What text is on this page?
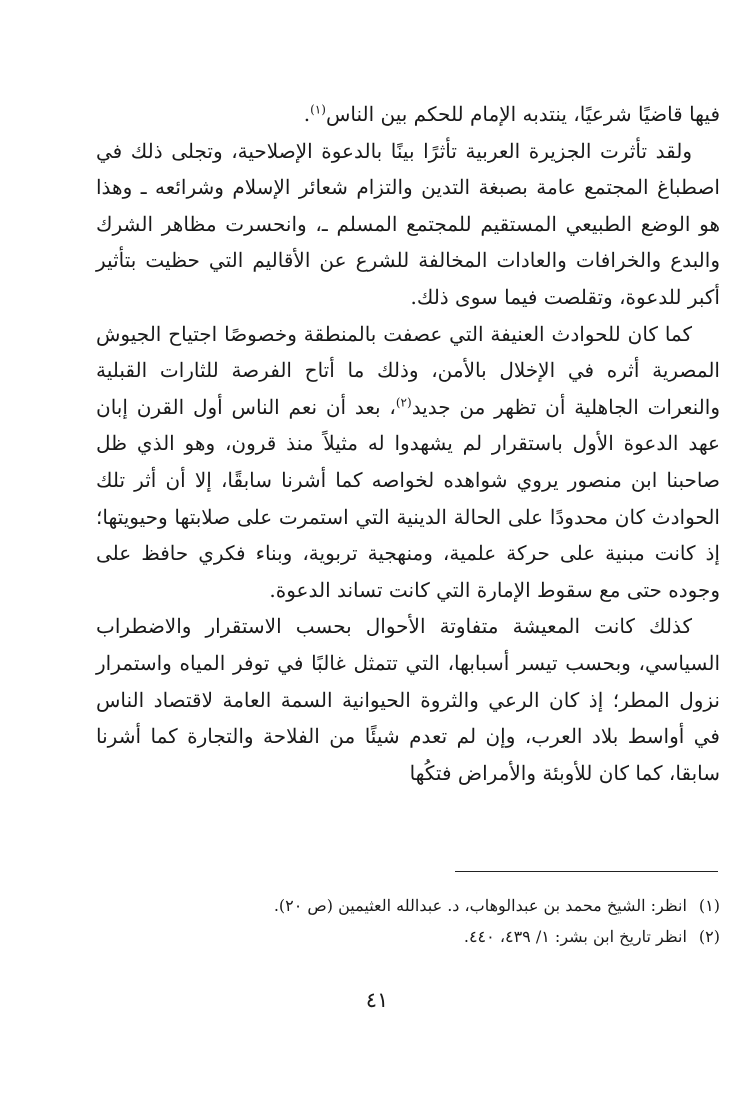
فيها قاضيًا شرعيًا، ينتدبه الإمام للحكم بين الناس$^{(١)}$.

ولقد تأثرت الجزيرة العربية تأثرًا بينًا بالدعوة الإصلاحية، وتجلى ذلك في اصطباغ المجتمع عامة بصبغة التدين والتزام شعائر الإسلام وشرائعه ـ وهذا هو الوضع الطبيعي المستقيم للمجتمع المسلم ـ، وانحسرت مظاهر الشرك والبدع والخرافات والعادات المخالفة للشرع عن الأقاليم التي حظيت بتأثير أكبر للدعوة، وتقلصت فيما سوى ذلك.

كما كان للحوادث العنيفة التي عصفت بالمنطقة وخصوصًا اجتياح الجيوش المصرية أثره في الإخلال بالأمن، وذلك ما أتاح الفرصة للثارات القبلية والنعرات الجاهلية أن تظهر من جديد$^{(٢)}$، بعد أن نعم الناس أول القرن إبان عهد الدعوة الأول باستقرار لم يشهدوا له مثيلاً منذ قرون، وهو الذي ظل صاحبنا ابن منصور يروي شواهده لخواصه كما أشرنا سابقًا، إلا أن أثر تلك الحوادث كان محدودًا على الحالة الدينية التي استمرت على صلابتها وحيويتها؛ إذ كانت مبنية على حركة علمية، ومنهجية تربوية، وبناء فكري حافظ على وجوده حتى مع سقوط الإمارة التي كانت تساند الدعوة.

كذلك كانت المعيشة متفاوتة الأحوال بحسب الاستقرار والاضطراب السياسي، وبحسب تيسر أسبابها، التي تتمثل غالبًا في توفر المياه واستمرار نزول المطر؛ إذ كان الرعي والثروة الحيوانية السمة العامة لاقتصاد الناس في أواسط بلاد العرب، وإن لم تعدم شيئًا من الفلاحة والتجارة كما أشرنا سابقا، كما كان للأوبئة والأمراض فتكُها

(١)انظر: الشيخ محمد بن عبدالوهاب، د. عبدالله العثيمين (ص ٢٠).

(٢)انظر تاريخ ابن بشر: ١/ ٤٣٩، ٤٤٠.

٤١
